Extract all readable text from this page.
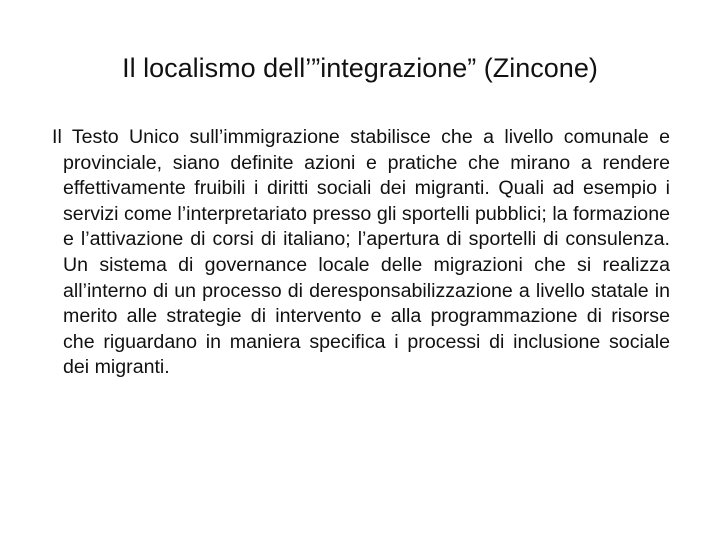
Il localismo dell’”integrazione” (Zincone)

Il Testo Unico sull’immigrazione stabilisce che a livello comunale e provinciale, siano definite azioni e pratiche che mirano a rendere effettivamente fruibili i diritti sociali dei migranti. Quali ad esempio i servizi come l’interpretariato presso gli sportelli pubblici; la formazione e l’attivazione di corsi di italiano; l’apertura di sportelli di consulenza. Un sistema di governance locale delle migrazioni che si realizza all’interno di un processo di deresponsabilizzazione a livello statale in merito alle strategie di intervento e alla programmazione di risorse che riguardano in maniera specifica i processi di inclusione sociale dei migranti.
